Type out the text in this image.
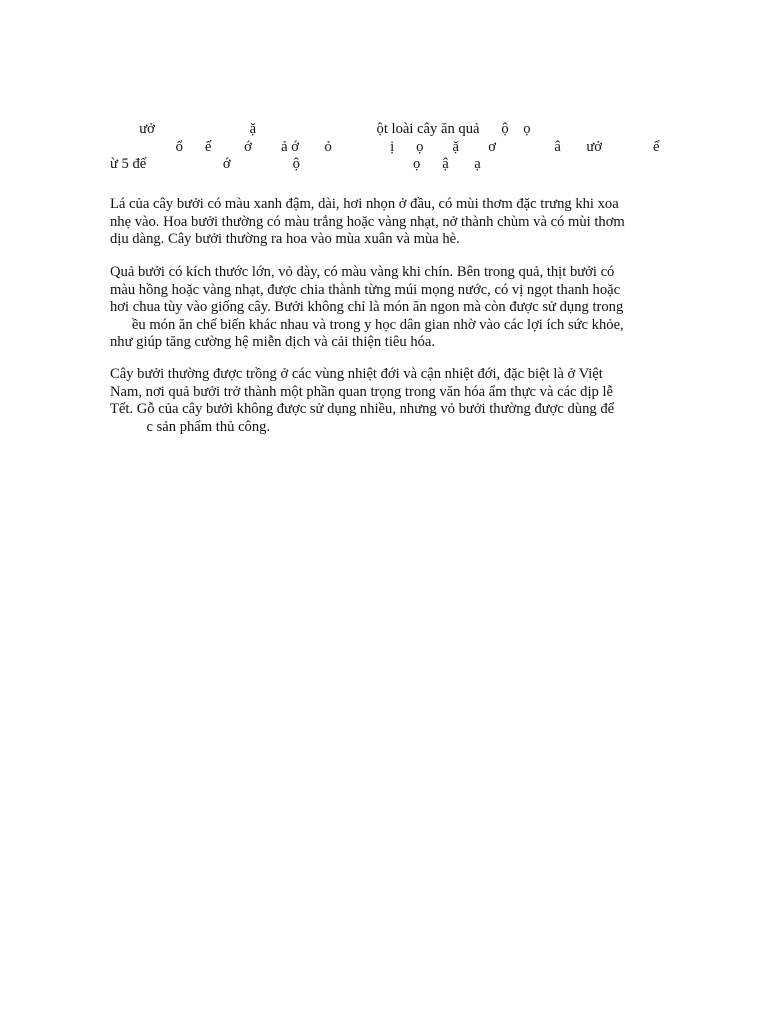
ưở                          ặ                                 ột loài cây ăn quả      ộ    ọ
ổ      ế         ớ        ả ớ       ỏ                ị      ọ        ặ        ơ                â       ưở              ể
ừ 5 đế                     ớ                 ộ                               ọ      ậ       ạ

Lá của cây bưởi có màu xanh đậm, dài, hơi nhọn ở đầu, có mùi thơm đặc trưng khi xoa
nhẹ vào. Hoa bưởi thường có màu trắng hoặc vàng nhạt, nở thành chùm và có mùi thơm
dịu dàng. Cây bưởi thường ra hoa vào mùa xuân và mùa hè.

Quả bưởi có kích thước lớn, vỏ dày, có màu vàng khi chín. Bên trong quả, thịt bưởi có
màu hồng hoặc vàng nhạt, được chia thành từng múi mọng nước, có vị ngọt thanh hoặc
hơi chua tùy vào giống cây. Bưởi không chỉ là món ăn ngon mà còn được sử dụng trong
ều món ăn chế biến khác nhau và trong y học dân gian nhờ vào các lợi ích sức khỏe,
như giúp tăng cường hệ miễn dịch và cải thiện tiêu hóa.

Cây bưởi thường được trồng ở các vùng nhiệt đới và cận nhiệt đới, đặc biệt là ở Việt
Nam, nơi quả bưởi trở thành một phần quan trọng trong văn hóa ẩm thực và các dịp lễ
Tết. Gỗ của cây bưởi không được sử dụng nhiều, nhưng vỏ bưởi thường được dùng để
c sản phẩm thủ công.
